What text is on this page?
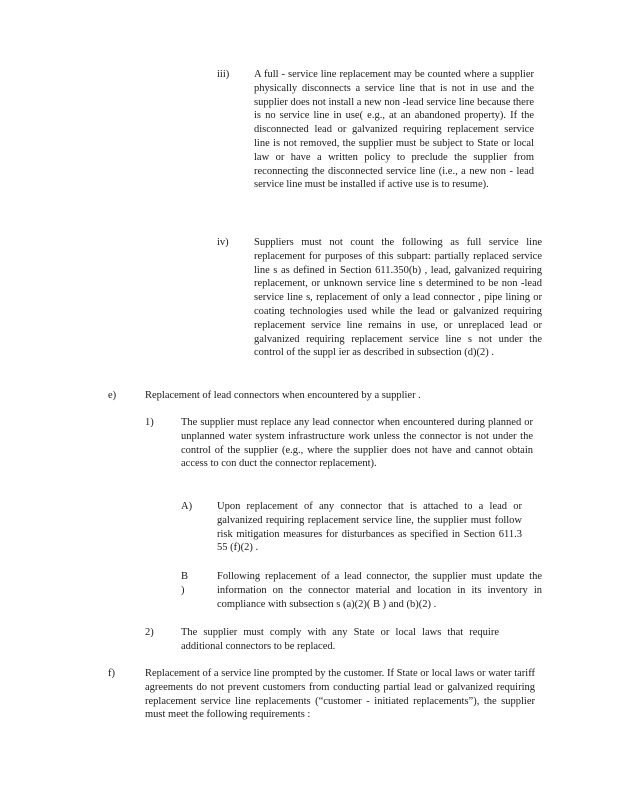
iii) A full - service line replacement may be counted where a supplier physically disconnects a service line that is not in use and the supplier does not install a new non -lead service line because there is no service line in use( e.g., at an abandoned property). If the disconnected lead or galvanized requiring replacement service line is not removed, the supplier must be subject to State or local law or have a written policy to preclude the supplier from reconnecting the disconnected service line (i.e., a new non - lead service line must be installed if active use is to resume).
iv) Suppliers must not count the following as full service line replacement for purposes of this subpart: partially replaced service line s as defined in Section 611.350(b) , lead, galvanized requiring replacement, or unknown service line s determined to be non -lead service line s, replacement of only a lead connector , pipe lining or coating technologies used while the lead or galvanized requiring replacement service line remains in use, or unreplaced lead or galvanized requiring replacement service line s not under the control of the suppl ier as described in subsection (d)(2) .
e)	Replacement of lead connectors when encountered by a supplier .
1)	The supplier must replace any lead connector when encountered during planned or unplanned water system infrastructure work unless the connector is not under the control of the supplier (e.g., where the supplier does not have and cannot obtain access to con duct the connector replacement).
A) Upon replacement of any connector that is attached to a lead or galvanized requiring replacement service line, the supplier must follow risk mitigation measures for disturbances as specified in Section 611.3 55 (f)(2) .
B )
Following replacement of a lead connector, the supplier must update the information on the connector material and location in its inventory in compliance with subsection s (a)(2)( B ) and (b)(2) .
2)	The supplier must comply with any State or local laws that require additional connectors to be replaced.
f)	Replacement of a service line prompted by the customer. If State or local laws or water tariff agreements do not prevent customers from conducting partial lead or galvanized requiring replacement service line replacements (“customer - initiated replacements”), the supplier must meet the following requirements :
